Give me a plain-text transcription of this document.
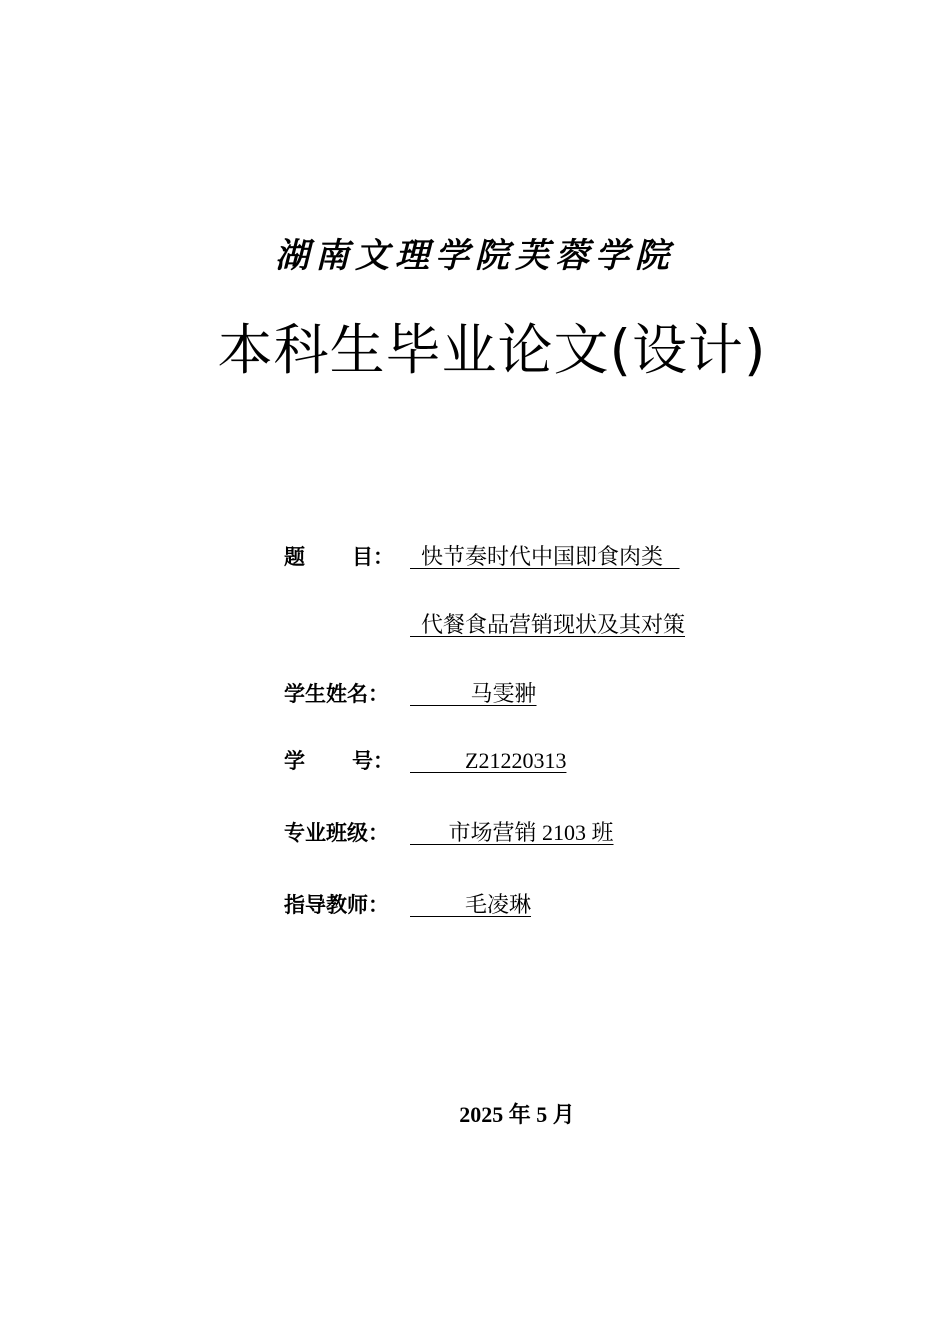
湖南文理学院芙蓉学院
本科生毕业论文(设计)
题 目： 快节奏时代中国即食肉类
代餐食品营销现状及其对策
学生姓名： 马雯翀
学 号： Z21220313
专业班级： 市场营销 2103 班
指导教师： 毛凌琳
2025 年 5 月
